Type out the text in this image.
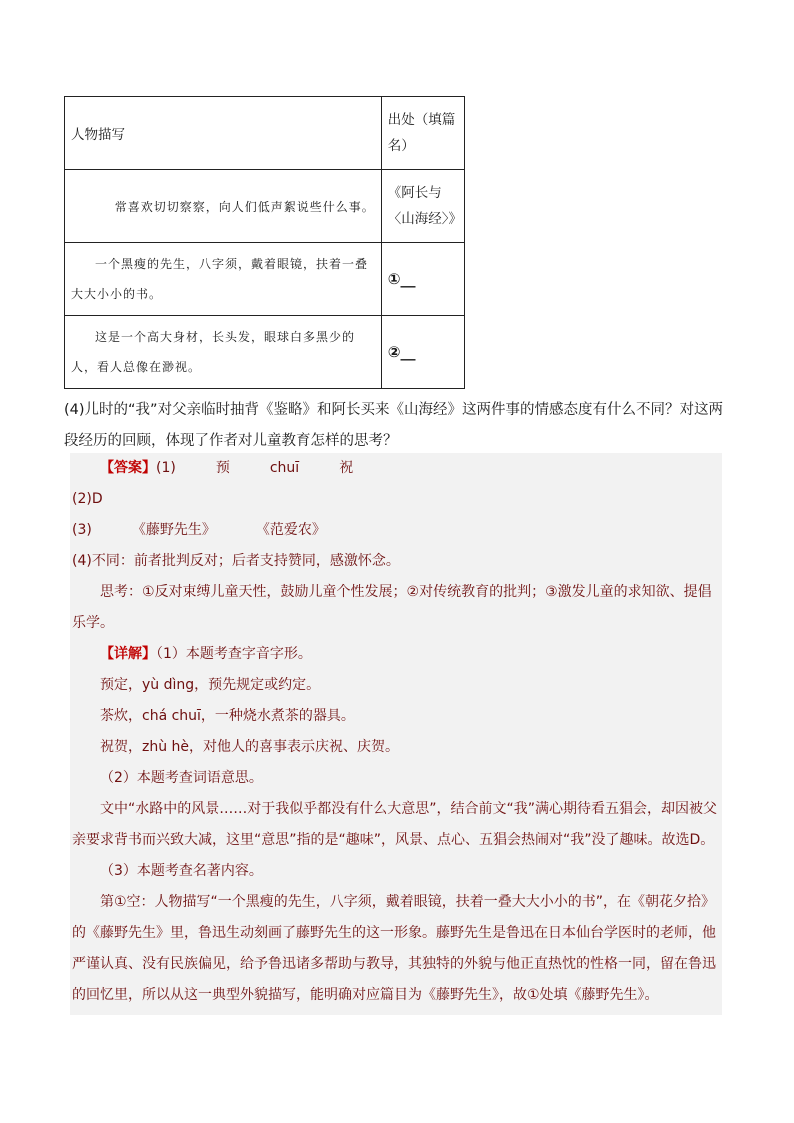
人物描写	出处（填篇名）
常喜欢切切察察，向人们低声絮说些什么事。	《阿长与〈山海经〉》
一个黑瘦的先生，八字须，戴着眼镜，扶着一叠大大小小的书。	①__
这是一个高大身材，长头发，眼球白多黑少的人，看人总像在渺视。	②__
(4)儿时的“我”对父亲临时抽背《鉴略》和阿长买来《山海经》这两件事的情感态度有什么不同？对这两段经历的回顾，体现了作者对儿童教育怎样的思考？

【答案】(1)	预	chuī	祝

(2)D

(3)	《藤野先生》	《范爱农》

(4)不同：前者批判反对；后者支持赞同，感激怀念。

思考：①反对束缚儿童天性，鼓励儿童个性发展；②对传统教育的批判；③激发儿童的求知欲、提倡乐学。

【详解】（1）本题考查字音字形。

预定，yù dìng，预先规定或约定。

茶炊，chá chuī，一种烧水煮茶的器具。

祝贺，zhù hè，对他人的喜事表示庆祝、庆贺。

（2）本题考查词语意思。

文中“水路中的风景……对于我似乎都没有什么大意思”，结合前文“我”满心期待看五猖会，却因被父亲要求背书而兴致大减，这里“意思”指的是“趣味”，风景、点心、五猖会热闹对“我”没了趣味。故选D。

（3）本题考查名著内容。

第①空：人物描写“一个黑瘦的先生，八字须，戴着眼镜，扶着一叠大大小小的书”，在《朝花夕拾》的《藤野先生》里，鲁迅生动刻画了藤野先生的这一形象。藤野先生是鲁迅在日本仙台学医时的老师，他严谨认真、没有民族偏见，给予鲁迅诸多帮助与教导，其独特的外貌与他正直热忱的性格一同，留在鲁迅的回忆里，所以从这一典型外貌描写，能明确对应篇目为《藤野先生》，故①处填《藤野先生》。
